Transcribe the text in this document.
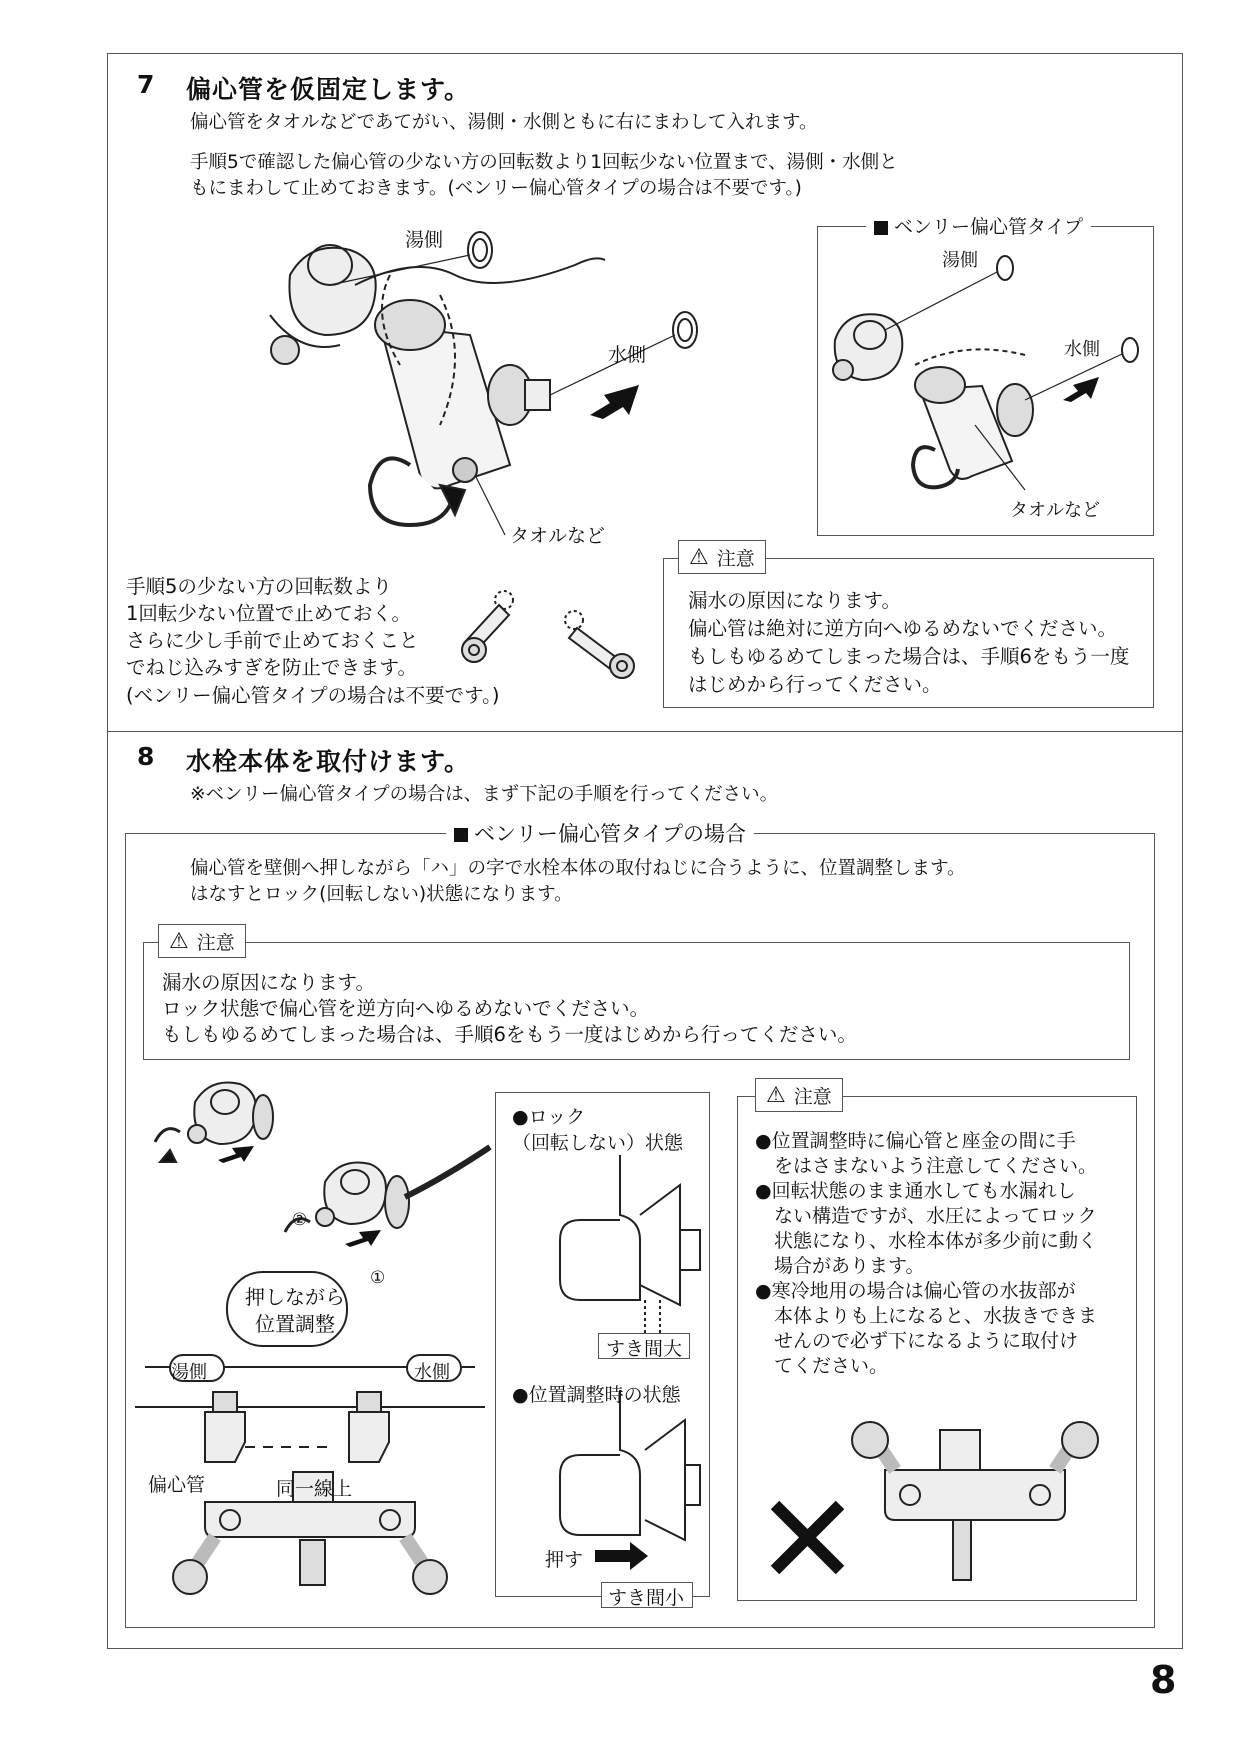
7 偏心管を仮固定します。
偏心管をタオルなどであてがい、湯側・水側ともに右にまわして入れます。
手順5で確認した偏心管の少ない方の回転数より1回転少ない位置まで、湯側・水側と
もにまわして止めておきます。(ベンリー偏心管タイプの場合は不要です。)
湯側
水側
タオルなど
ベンリー偏心管タイプ
湯側
水側
タオルなど
手順5の少ない方の回転数より
1回転少ない位置で止めておく。
さらに少し手前で止めておくこと
でねじ込みすぎを防止できます。
(ベンリー偏心管タイプの場合は不要です。)
⚠ 注意
漏水の原因になります。
偏心管は絶対に逆方向へゆるめないでください。
もしもゆるめてしまった場合は、手順6をもう一度
はじめから行ってください。
8 水栓本体を取付けます。
※ベンリー偏心管タイプの場合は、まず下記の手順を行ってください。
ベンリー偏心管タイプの場合
偏心管を壁側へ押しながら「ハ」の字で水栓本体の取付ねじに合うように、位置調整します。
はなすとロック(回転しない)状態になります。
⚠ 注意
漏水の原因になります。
ロック状態で偏心管を逆方向へゆるめないでください。
もしもゆるめてしまった場合は、手順6をもう一度はじめから行ってください。
②
①
押しながら
位置調整
湯側	水側
偏心管	同一線上
●ロック
（回転しない）状態
すき間大
●位置調整時の状態
押す
すき間小
⚠ 注意
●位置調整時に偏心管と座金の間に手
　をはさまないよう注意してください。
●回転状態のまま通水しても水漏れし
　ない構造ですが、水圧によってロック
　状態になり、水栓本体が多少前に動く
　場合があります。
●寒冷地用の場合は偏心管の水抜部が
　本体よりも上になると、水抜きできま
　せんので必ず下になるように取付け
　てください。
8
